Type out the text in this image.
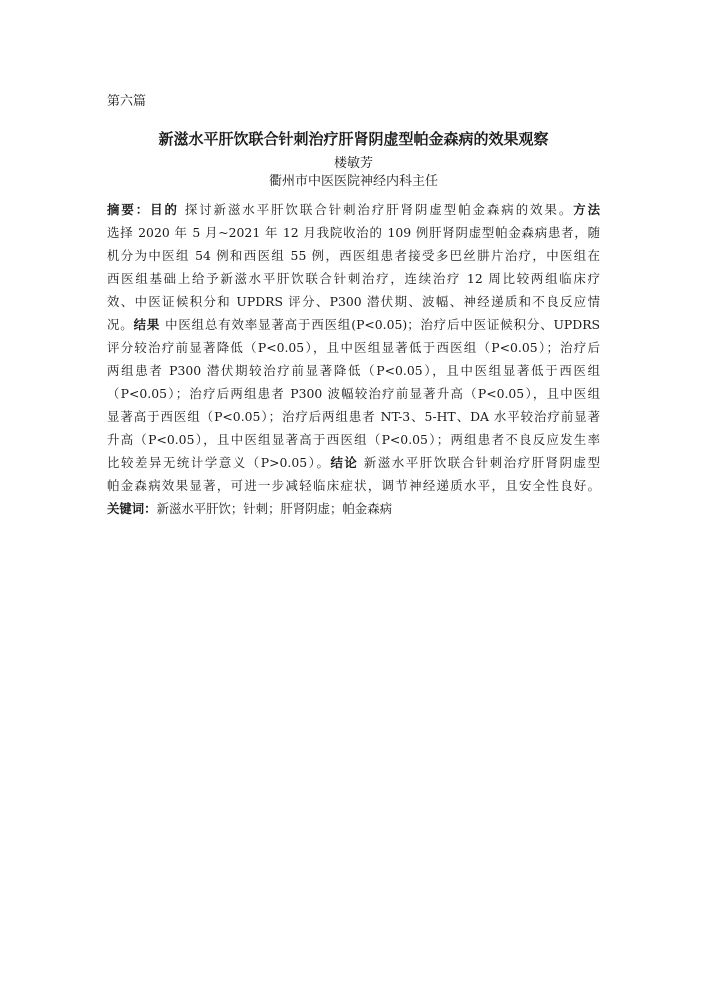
第六篇

新滋水平肝饮联合针刺治疗肝肾阴虚型帕金森病的效果观察

楼敏芳

衢州市中医医院神经内科主任

摘要：目的 探讨新滋水平肝饮联合针刺治疗肝肾阴虚型帕金森病的效果。方法
选择 2020 年 5 月~2021 年 12 月我院收治的 109 例肝肾阴虚型帕金森病患者，随
机分为中医组 54 例和西医组 55 例，西医组患者接受多巴丝肼片治疗，中医组在
西医组基础上给予新滋水平肝饮联合针刺治疗，连续治疗 12 周比较两组临床疗
效、中医证候积分和 UPDRS 评分、P300 潜伏期、波幅、神经递质和不良反应情
况。结果 中医组总有效率显著高于西医组(P<0.05)；治疗后中医证候积分、UPDRS
评分较治疗前显著降低（P<0.05），且中医组显著低于西医组（P<0.05）；治疗后
两组患者 P300 潜伏期较治疗前显著降低（P<0.05），且中医组显著低于西医组
（P<0.05）；治疗后两组患者 P300 波幅较治疗前显著升高（P<0.05），且中医组
显著高于西医组（P<0.05）；治疗后两组患者 NT-3、5-HT、DA 水平较治疗前显著
升高（P<0.05），且中医组显著高于西医组（P<0.05）；两组患者不良反应发生率
比较差异无统计学意义（P>0.05）。结论 新滋水平肝饮联合针刺治疗肝肾阴虚型
帕金森病效果显著，可进一步减轻临床症状，调节神经递质水平，且安全性良好。
关键词：新滋水平肝饮；针刺；肝肾阴虚；帕金森病
